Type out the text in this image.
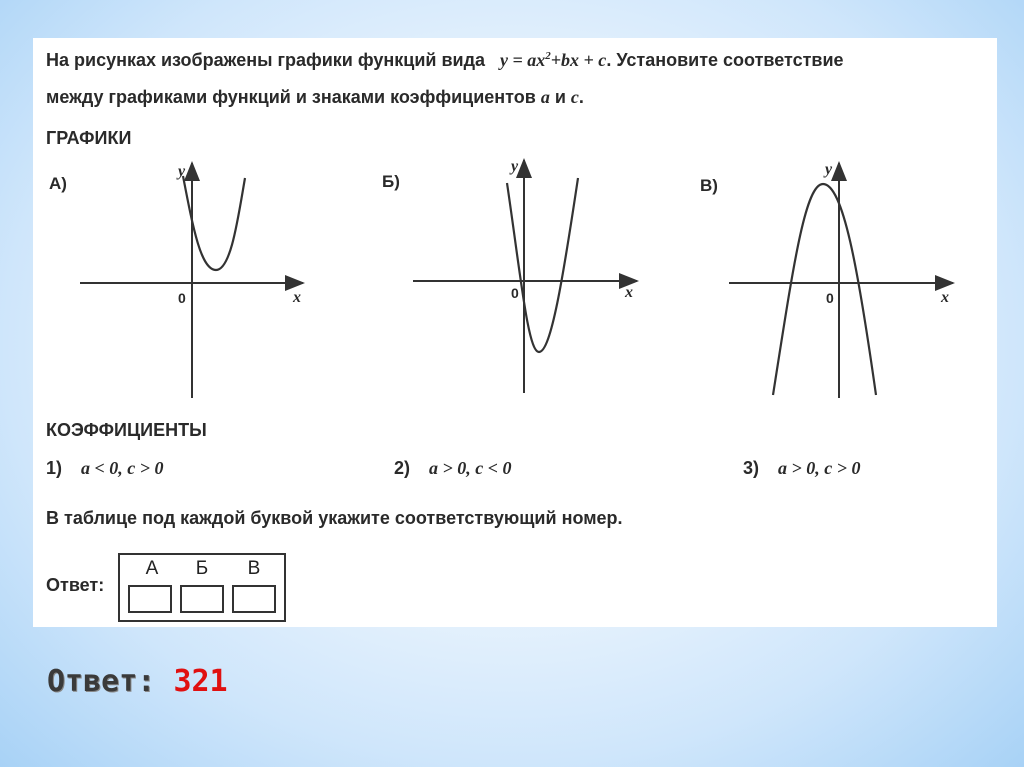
На рисунках изображены графики функций вида $y = ax^2+bx + c$. Установите соответствие
между графиками функций и знаками коэффициентов a и c.
ГРАФИКИ
А)
y
x
0
Б)
y
x
0
В)
y
x
0
КОЭФФИЦИЕНТЫ
1) a < 0, c > 0	2) a > 0, c < 0	3) a > 0, c > 0
В таблице под каждой буквой укажите соответствующий номер.
Ответ:
А	Б	В
Ответ: 321
